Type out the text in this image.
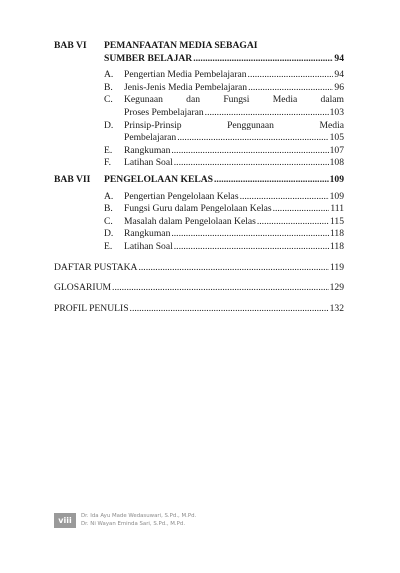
BAB VI	PEMANFAATAN MEDIA SEBAGAI
SUMBER BELAJAR .....	94
A.	Pengertian Media Pembelajaran .....	94
B.	Jenis-Jenis Media Pembelajaran .....	96
C.	Kegunaan dan Fungsi Media dalam
Proses Pembelajaran .....	103
D.	Prinsip-Prinsip	Penggunaan	Media
Pembelajaran .....	105
E.	Rangkuman .....	107
F.	Latihan Soal .....	108
BAB VII	PENGELOLAAN KELAS .....	109
A.	Pengertian Pengelolaan Kelas .....	109
B.	Fungsi Guru dalam Pengelolaan Kelas .....	111
C.	Masalah dalam Pengelolaan Kelas .....	115
D.	Rangkuman .....	118
E.	Latihan Soal .....	118
DAFTAR PUSTAKA .....	119
GLOSARIUM .....	129
PROFIL PENULIS .....	132
viii	Dr. Ida Ayu Made Wedasuwari, S.Pd., M.Pd.
Dr. Ni Wayan Eminda Sari, S.Pd., M.Pd.
